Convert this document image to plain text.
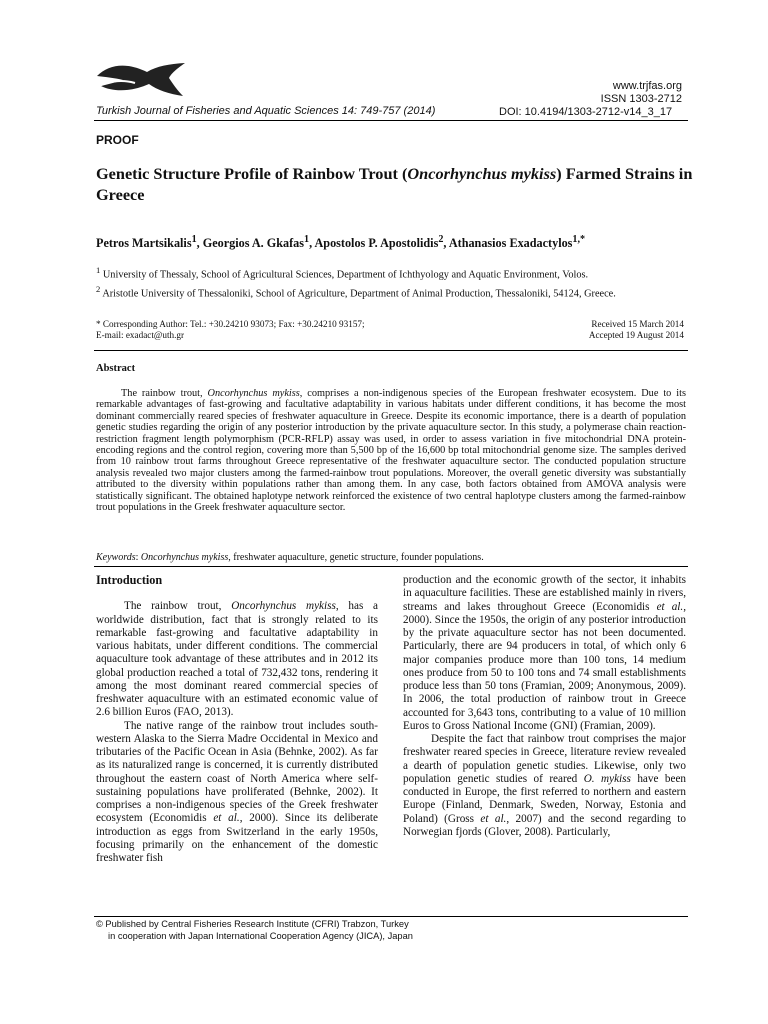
Turkish Journal of Fisheries and Aquatic Sciences 14: 749-757 (2014)
www.trjfas.org
ISSN 1303-2712
DOI: 10.4194/1303-2712-v14_3_17
PROOF
Genetic Structure Profile of Rainbow Trout (Oncorhynchus mykiss) Farmed Strains in Greece
Petros Martsikalis$^1$, Georgios A. Gkafas$^1$, Apostolos P. Apostolidis$^2$, Athanasios Exadactylos$^{1,*}$
$^1$ University of Thessaly, School of Agricultural Sciences, Department of Ichthyology and Aquatic Environment, Volos.
$^2$ Aristotle University of Thessaloniki, School of Agriculture, Department of Animal Production, Thessaloniki, 54124, Greece.
* Corresponding Author: Tel.: +30.24210 93073; Fax: +30.24210 93157;
E-mail: exadact@uth.gr
Received 15 March 2014
Accepted 19 August 2014
Abstract
The rainbow trout, Oncorhynchus mykiss, comprises a non-indigenous species of the European freshwater ecosystem. Due to its remarkable advantages of fast-growing and facultative adaptability in various habitats under different conditions, it has become the most dominant commercially reared species of freshwater aquaculture in Greece. Despite its economic importance, there is a dearth of population genetic studies regarding the origin of any posterior introduction by the private aquaculture sector. In this study, a polymerase chain reaction-restriction fragment length polymorphism (PCR-RFLP) assay was used, in order to assess variation in five mitochondrial DNA protein-encoding regions and the control region, covering more than 5,500 bp of the 16,600 bp total mitochondrial genome size. The samples derived from 10 rainbow trout farms throughout Greece representative of the freshwater aquaculture sector. The conducted population structure analysis revealed two major clusters among the farmed-rainbow trout populations. Moreover, the overall genetic diversity was substantially attributed to the diversity within populations rather than among them. In any case, both factors obtained from AMOVA analysis were statistically significant. The obtained haplotype network reinforced the existence of two central haplotype clusters among the farmed-rainbow trout populations in the Greek freshwater aquaculture sector.
Keywords: Oncorhynchus mykiss, freshwater aquaculture, genetic structure, founder populations.
Introduction

The rainbow trout, Oncorhynchus mykiss, has a worldwide distribution, fact that is strongly related to its remarkable fast-growing and facultative adaptability in various habitats, under different conditions. The commercial aquaculture took advantage of these attributes and in 2012 its global production reached a total of 732,432 tons, rendering it among the most dominant reared commercial species of freshwater aquaculture with an estimated economic value of 2.6 billion Euros (FAO, 2013).

The native range of the rainbow trout includes south-western Alaska to the Sierra Madre Occidental in Mexico and tributaries of the Pacific Ocean in Asia (Behnke, 2002). As far as its naturalized range is concerned, it is currently distributed throughout the eastern coast of North America where self-sustaining populations have proliferated (Behnke, 2002). It comprises a non-indigenous species of the Greek freshwater ecosystem (Economidis et al., 2000). Since its deliberate introduction as eggs from Switzerland in the early 1950s, focusing primarily on the enhancement of the domestic freshwater fish

production and the economic growth of the sector, it inhabits in aquaculture facilities. These are established mainly in rivers, streams and lakes throughout Greece (Economidis et al., 2000). Since the 1950s, the origin of any posterior introduction by the private aquaculture sector has not been documented. Particularly, there are 94 producers in total, of which only 6 major companies produce more than 100 tons, 14 medium ones produce from 50 to 100 tons and 74 small establishments produce less than 50 tons (Framian, 2009; Anonymous, 2009). In 2006, the total production of rainbow trout in Greece accounted for 3,643 tons, contributing to a value of 10 million Euros to Gross National Income (GNI) (Framian, 2009).

Despite the fact that rainbow trout comprises the major freshwater reared species in Greece, literature review revealed a dearth of population genetic studies. Likewise, only two population genetic studies of reared O. mykiss have been conducted in Europe, the first referred to northern and eastern Europe (Finland, Denmark, Sweden, Norway, Estonia and Poland) (Gross et al., 2007) and the second regarding to Norwegian fjords (Glover, 2008). Particularly,

© Published by Central Fisheries Research Institute (CFRI) Trabzon, Turkey
in cooperation with Japan International Cooperation Agency (JICA), Japan
